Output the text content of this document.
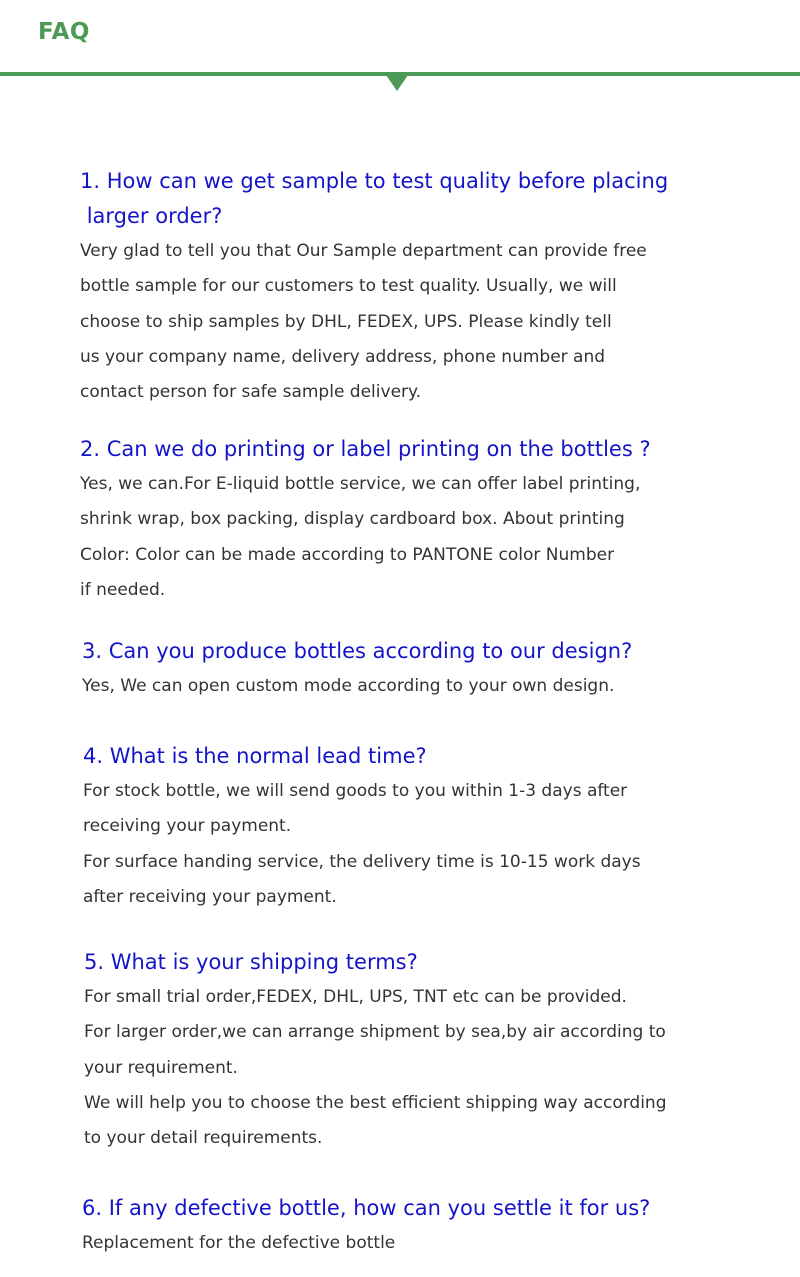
FAQ
1. How can we get sample to test quality before placing
larger order?
Very glad to tell you that Our Sample department can provide free
bottle sample for our customers to test quality. Usually, we will
choose to ship samples by DHL, FEDEX, UPS. Please kindly tell
us your company name, delivery address, phone number and
contact person for safe sample delivery.
2. Can we do printing or label printing on the bottles ?
Yes, we can.For E-liquid bottle service, we can offer label printing,
shrink wrap, box packing, display cardboard box. About printing
Color: Color can be made according to PANTONE color Number
if needed.
3. Can you produce bottles according to our design?
Yes, We can open custom mode according to your own design.
4. What is the normal lead time?
For stock bottle, we will send goods to you within 1-3 days after
receiving your payment.
For surface handing service, the delivery time is 10-15 work days
after receiving your payment.
5. What is your shipping terms?
For small trial order,FEDEX, DHL, UPS, TNT etc can be provided.
For larger order,we can arrange shipment by sea,by air according to
your requirement.
We will help you to choose the best efficient shipping way according
to your detail requirements.
6. If any defective bottle, how can you settle it for us?
Replacement for the defective bottle
